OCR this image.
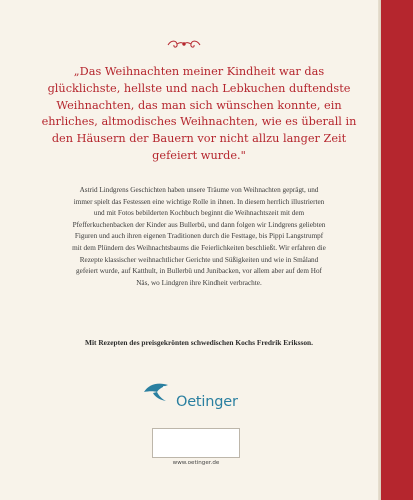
„Das Weihnachten meiner Kindheit war das glücklichste, hellste und nach Lebkuchen duftendste Weihnachten, das man sich wünschen konnte, ein ehrliches, altmodisches Weihnachten, wie es überall in den Häusern der Bauern vor nicht allzu langer Zeit gefeiert wurde."

Astrid Lindgrens Geschichten haben unsere Träume von Weihnachten geprägt, und immer spielt das Festessen eine wichtige Rolle in ihnen. In diesem herrlich illustrierten und mit Fotos bebilderten Kochbuch beginnt die Weihnachtszeit mit dem Pfefferkuchenbacken der Kinder aus Bullerbü, und dann folgen wir Lindgrens geliebten Figuren und auch ihren eigenen Traditionen durch die Festtage, bis Pippi Langstrumpf mit dem Plündern des Weihnachtsbaums die Feierlichkeiten beschließt. Wir erfahren die Rezepte klassischer weihnachtlicher Gerichte und Süßigkeiten und wie in Småland gefeiert wurde, auf Katthult, in Bullerbü und Junibacken, vor allem aber auf dem Hof Näs, wo Lindgren ihre Kindheit verbrachte.

Mit Rezepten des preisgekrönten schwedischen Kochs Fredrik Eriksson.

Oetinger
www.oetinger.de
